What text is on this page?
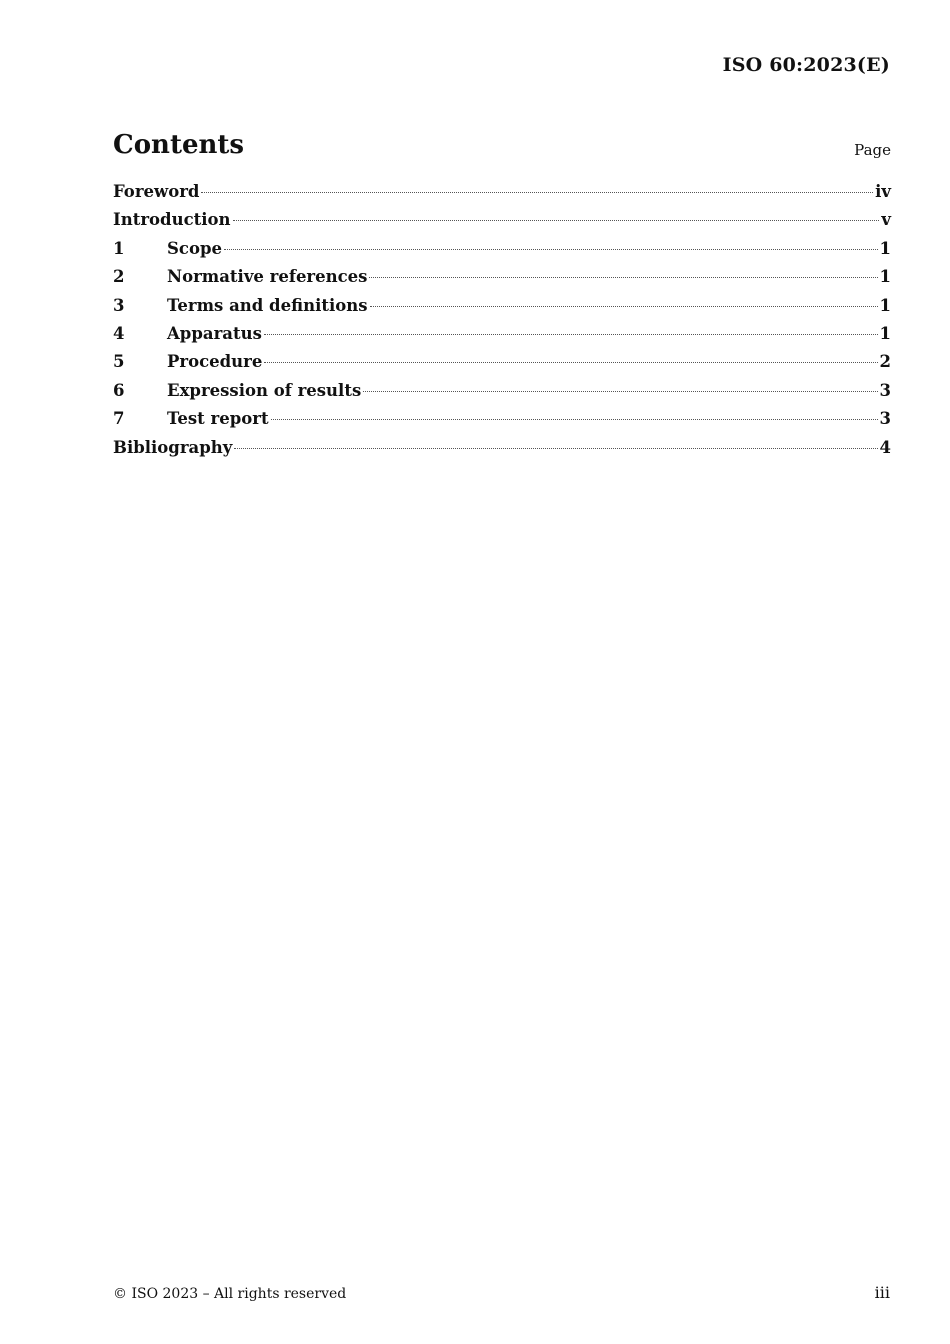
ISO 60:2023(E)
Contents	Page
Foreword	iv
Introduction	v
1	Scope	1
2	Normative references	1
3	Terms and definitions	1
4	Apparatus	1
5	Procedure	2
6	Expression of results	3
7	Test report	3
Bibliography	4
© ISO 2023 – All rights reserved	iii
